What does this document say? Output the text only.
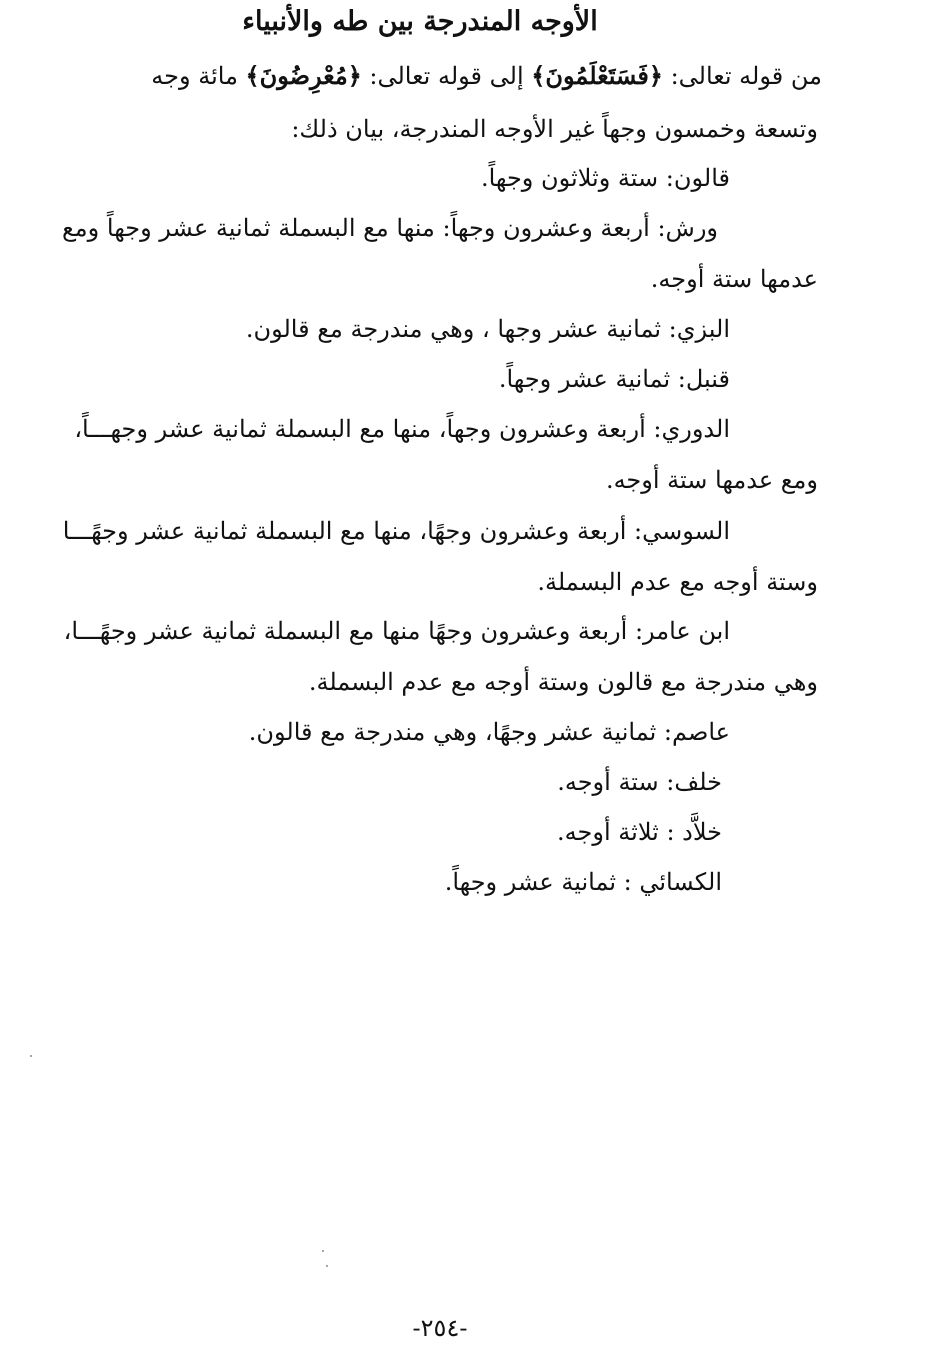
الأوجه المندرجة بين طه والأنبياء
من قوله تعالى: ﴿فَسَتَعْلَمُونَ﴾ إلى قوله تعالى: ﴿مُعْرِضُونَ﴾ مائة وجه
وتسعة وخمسون وجهاً غير الأوجه المندرجة، بيان ذلك:
قالون: ستة وثلاثون وجهاً.
ورش: أربعة وعشرون وجهاً: منها مع البسملة ثمانية عشر وجهاً ومع
عدمها ستة أوجه.
البزي: ثمانية عشر وجها ، وهي مندرجة مع قالون.
قنبل: ثمانية عشر وجهاً.
الدوري: أربعة وعشرون وجهاً، منها مع البسملة ثمانية عشر وجهـــاً،
ومع عدمها ستة أوجه.
السوسي: أربعة وعشرون وجهًا، منها مع البسملة ثمانية عشر وجهًـــا
وستة أوجه مع عدم البسملة.
ابن عامر: أربعة وعشرون وجهًا منها مع البسملة ثمانية عشر وجهًـــا،
وهي مندرجة مع قالون وستة أوجه مع عدم البسملة.
عاصم: ثمانية عشر وجهًا، وهي مندرجة مع قالون.
خلف: ستة أوجه.
خلاَّد : ثلاثة أوجه.
الكسائي : ثمانية عشر وجهاً.
-٢٥٤-
